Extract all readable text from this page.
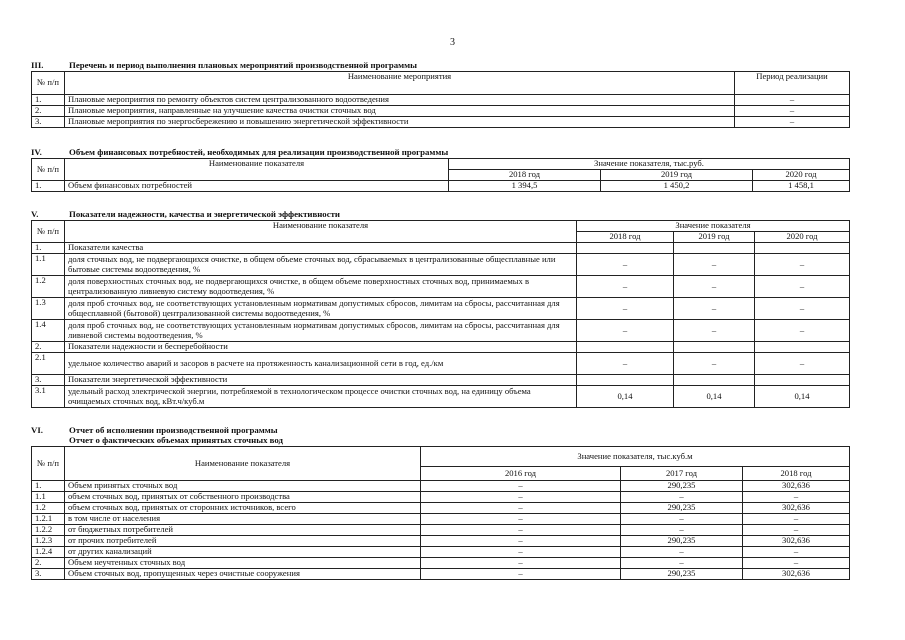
3
III.	Перечень и период выполнения плановых мероприятий производственной программы
№ п/п	Наименование мероприятия	Период реализации
1.	Плановые мероприятия по ремонту объектов систем централизованного водоотведения	–
2.	Плановые мероприятия, направленные на улучшение качества очистки сточных вод	–
3.	Плановые мероприятия по энергосбережению и повышению энергетической эффективности	–
IV.	Объем финансовых потребностей, необходимых для реализации производственной программы
№ п/п	Наименование показателя	Значение показателя, тыс.руб.		
		2018 год	2019 год	2020 год
1.	Объем финансовых потребностей	1 394,5	1 450,2	1 458,1
V.	Показатели надежности, качества и энергетической эффективности
№ п/п	Наименование показателя	Значение показателя		
		2018 год	2019 год	2020 год
1.	Показатели качества			
1.1	доля сточных вод, не подвергающихся очистке, в общем объеме сточных вод, сбрасываемых в централизованные общесплавные или бытовые системы водоотведения, %	–	–	–
1.2	доля поверхностных сточных вод, не подвергающихся очистке, в общем объеме поверхностных сточных вод, принимаемых в централизованную ливневую систему водоотведения, %	–	–	–
1.3	доля проб сточных вод, не соответствующих установленным нормативам допустимых сбросов, лимитам на сбросы, рассчитанная для общесплавной (бытовой) централизованной системы водоотведения, %	–	–	–
1.4	доля проб сточных вод, не соответствующих установленным нормативам допустимых сбросов, лимитам на сбросы, рассчитанная для ливневой системы водоотведения, %	–	–	–
2.	Показатели надежности и бесперебойности			
2.1	удельное количество аварий и засоров в расчете на протяженность канализационной сети в год, ед./км	–	–	–
3.	Показатели энергетической эффективности			
3.1	удельный расход электрической энергии, потребляемой в технологическом процессе очистки сточных вод, на единицу объема очищаемых сточных вод, кВт.ч/куб.м	0,14	0,14	0,14
VI.	Отчет об исполнении производственной программы
Отчет о фактических объемах принятых сточных вод
№ п/п	Наименование показателя	Значение показателя, тыс.куб.м		
		2016 год	2017 год	2018 год
1.	Объем принятых сточных вод	–	290,235	302,636
1.1	объем сточных вод, принятых от собственного производства	–	–	–
1.2	объем сточных вод, принятых от сторонних источников, всего	–	290,235	302,636
1.2.1	в том числе от населения	–	–	–
1.2.2	от бюджетных потребителей	–	–	–
1.2.3	от прочих потребителей	–	290,235	302,636
1.2.4	от других канализаций	–	–	–
2.	Объем неучтенных сточных вод	–	–	–
3.	Объем сточных вод, пропущенных через очистные сооружения	–	290,235	302,636
